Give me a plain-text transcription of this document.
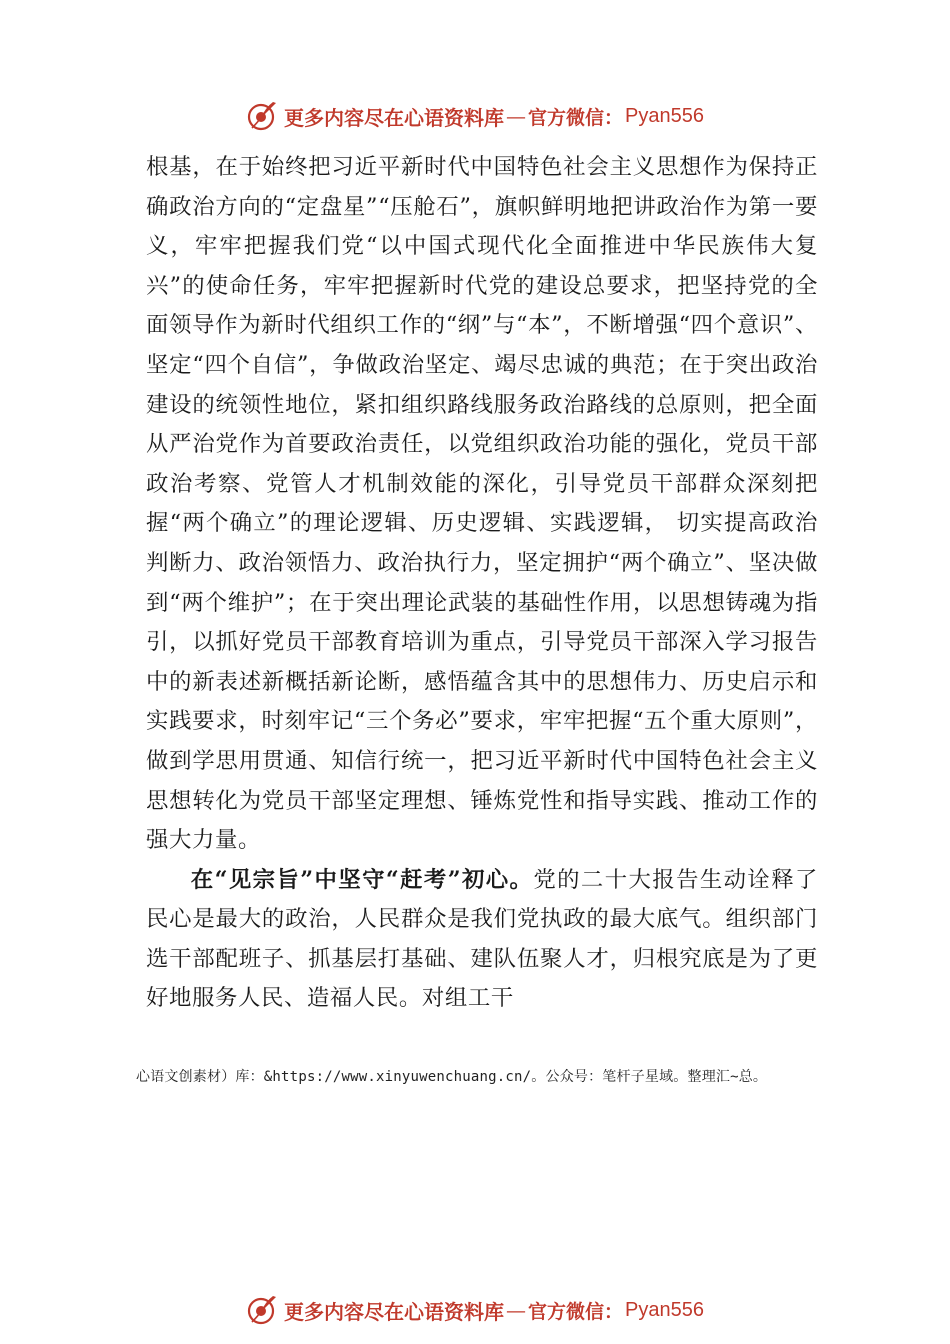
更多内容尽在心语资料库 — 官方微信： Pyan556

根基，在于始终把习近平新时代中国特色社会主义思想作为保持正确政治方向的“定盘星”“压舱石”，旗帜鲜明地把讲政治作为第一要义，牢牢把握我们党“以中国式现代化全面推进中华民族伟大复兴”的使命任务，牢牢把握新时代党的建设总要求，把坚持党的全面领导作为新时代组织工作的“纲”与“本”，不断增强“四个意识”、坚定“四个自信”，争做政治坚定、竭尽忠诚的典范；在于突出政治建设的统领性地位，紧扣组织路线服务政治路线的总原则，把全面从严治党作为首要政治责任，以党组织政治功能的强化，党员干部政治考察、党管人才机制效能的深化，引导党员干部群众深刻把握“两个确立”的理论逻辑、历史逻辑、实践逻辑， 切实提高政治判断力、政治领悟力、政治执行力，坚定拥护“两个确立”、坚决做到“两个维护”；在于突出理论武装的基础性作用，以思想铸魂为指引，以抓好党员干部教育培训为重点，引导党员干部深入学习报告中的新表述新概括新论断，感悟蕴含其中的思想伟力、历史启示和实践要求，时刻牢记“三个务必”要求，牢牢把握“五个重大原则”，做到学思用贯通、知信行统一，把习近平新时代中国特色社会主义思想转化为党员干部坚定理想、锤炼党性和指导实践、推动工作的强大力量。

在“见宗旨”中坚守“赶考”初心。党的二十大报告生动诠释了民心是最大的政治，人民群众是我们党执政的最大底气。组织部门选干部配班子、抓基层打基础、建队伍聚人才，归根究底是为了更好地服务人民、造福人民。对组工干

心语文创素材）库：&https://www.xinyuwenchuang.cn/。公众号：笔杆子星域。整理汇~总。
更多内容尽在心语资料库 — 官方微信： Pyan556
